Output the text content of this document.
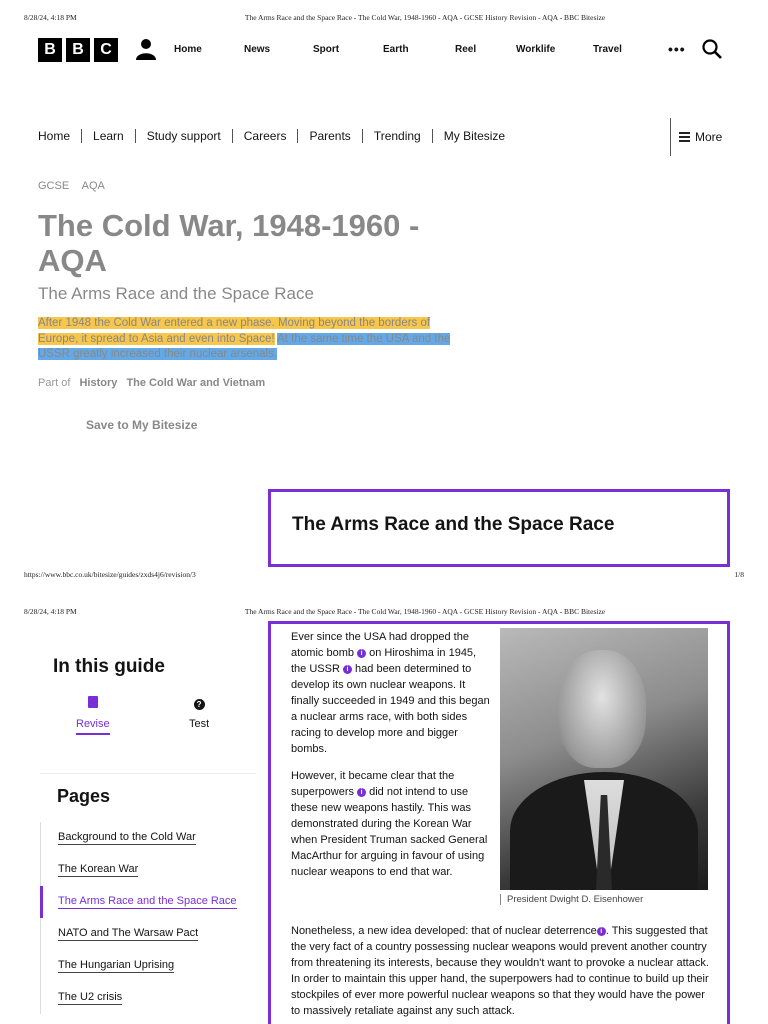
8/28/24, 4:18 PM	The Arms Race and the Space Race - The Cold War, 1948-1960 - AQA - GCSE History Revision - AQA - BBC Bitesize
B	B	C	Home	News	Sport	Earth	Reel	Worklife	Travel	•••
Home	Learn	Study support	Careers	Parents	Trending	My Bitesize	More
GCSE AQA
The Cold War, 1948-1960 - AQA
The Arms Race and the Space Race

After 1948 the Cold War entered a new phase. Moving beyond the borders of Europe, it spread to Asia and even into Space! At the same time the USA and the USSR greatly increased their nuclear arsenals.

Part of History The Cold War and Vietnam
Save to My Bitesize
The Arms Race and the Space Race
https://www.bbc.co.uk/bitesize/guides/zxds4j6/revision/3	1/8
8/28/24, 4:18 PM	The Arms Race and the Space Race - The Cold War, 1948-1960 - AQA - GCSE History Revision - AQA - BBC Bitesize
In this guide
Revise
?
Test
Pages
Background to the Cold War
The Korean War
The Arms Race and the Space Race
NATO and The Warsaw Pact
The Hungarian Uprising
The U2 crisis

Ever since the USA had dropped the atomic bomb i on Hiroshima in 1945, the USSR i had been determined to develop its own nuclear weapons. It finally succeeded in 1949 and this began a nuclear arms race, with both sides racing to develop more and bigger bombs.

However, it became clear that the superpowers i did not intend to use these new weapons hastily. This was demonstrated during the Korean War when President Truman sacked General MacArthur for arguing in favour of using nuclear weapons to end that war.

President Dwight D. Eisenhower

Nonetheless, a new idea developed: that of nuclear deterrence i . This suggested that the very fact of a country possessing nuclear weapons would prevent another country from threatening its interests, because they wouldn't want to provoke a nuclear attack. In order to maintain this upper hand, the superpowers had to continue to build up their stockpiles of ever more powerful nuclear weapons so that they would have the power to massively retaliate against any such attack.
